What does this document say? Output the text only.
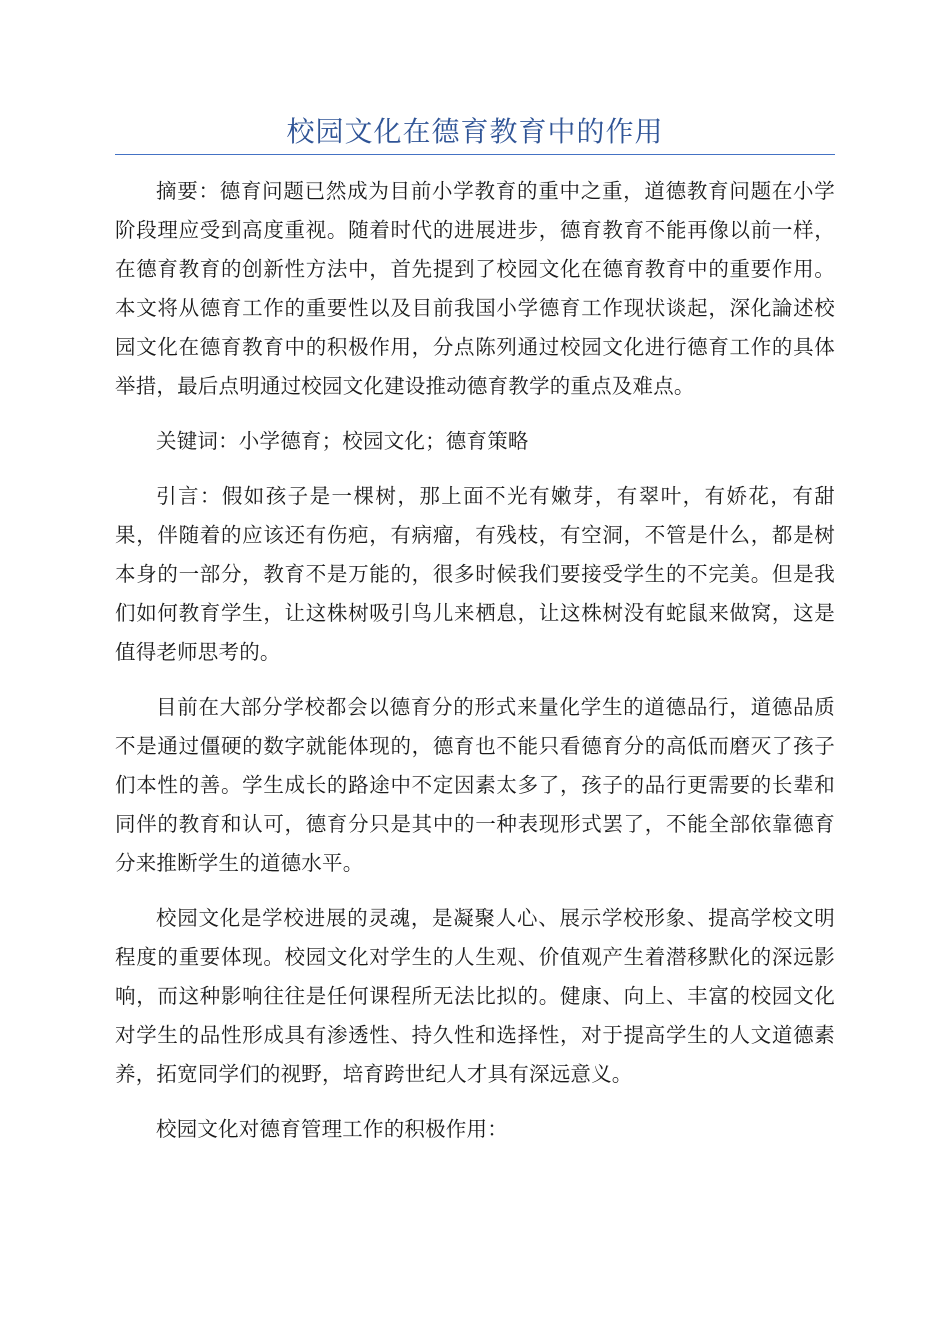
校园文化在德育教育中的作用

摘要：德育问题已然成为目前小学教育的重中之重，道德教育问题在小学阶段理应受到高度重视。随着时代的进展进步，德育教育不能再像以前一样，在德育教育的创新性方法中，首先提到了校园文化在德育教育中的重要作用。本文将从德育工作的重要性以及目前我国小学德育工作现状谈起，深化論述校园文化在德育教育中的积极作用，分点陈列通过校园文化进行德育工作的具体举措，最后点明通过校园文化建设推动德育教学的重点及难点。

关键词：小学德育；校园文化；德育策略

引言：假如孩子是一棵树，那上面不光有嫩芽，有翠叶，有娇花，有甜果，伴随着的应该还有伤疤，有病瘤，有残枝，有空洞，不管是什么，都是树本身的一部分，教育不是万能的，很多时候我们要接受学生的不完美。但是我们如何教育学生，让这株树吸引鸟儿来栖息，让这株树没有蛇鼠来做窝，这是值得老师思考的。

目前在大部分学校都会以德育分的形式来量化学生的道德品行，道德品质不是通过僵硬的数字就能体现的，德育也不能只看德育分的高低而磨灭了孩子们本性的善。学生成长的路途中不定因素太多了，孩子的品行更需要的长辈和同伴的教育和认可，德育分只是其中的一种表现形式罢了，不能全部依靠德育分来推断学生的道德水平。

校园文化是学校进展的灵魂，是凝聚人心、展示学校形象、提高学校文明程度的重要体现。校园文化对学生的人生观、价值观产生着潜移默化的深远影响，而这种影响往往是任何课程所无法比拟的。健康、向上、丰富的校园文化对学生的品性形成具有渗透性、持久性和选择性，对于提高学生的人文道德素养，拓宽同学们的视野，培育跨世纪人才具有深远意义。

校园文化对德育管理工作的积极作用：
